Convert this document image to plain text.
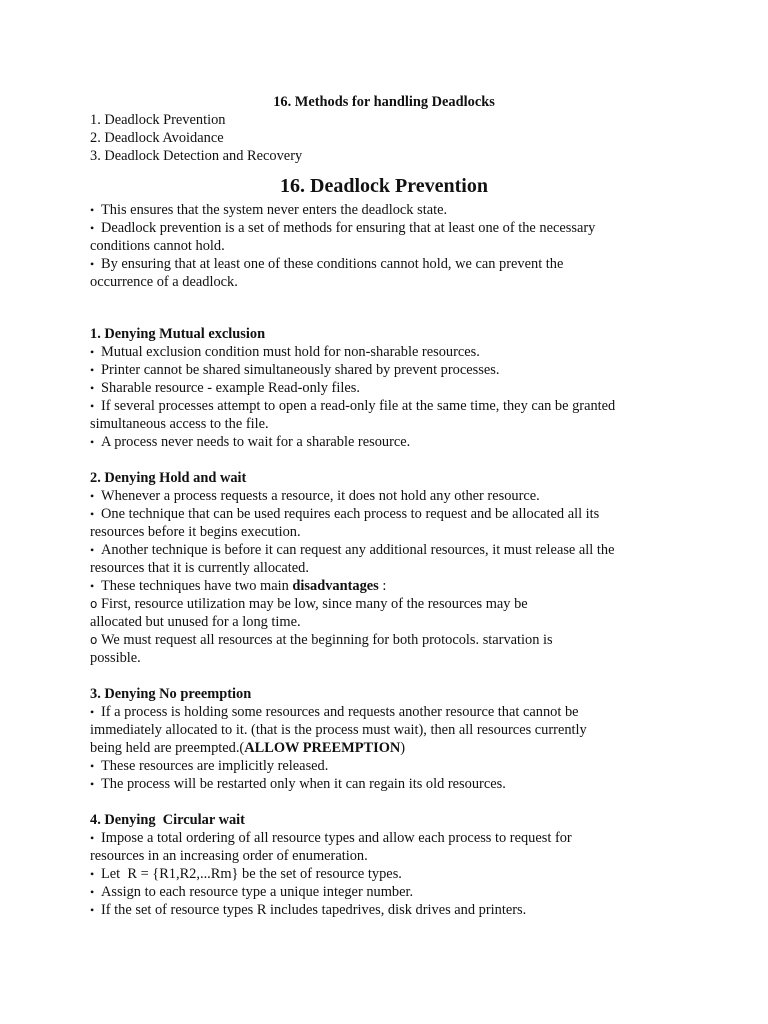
16. Methods for handling Deadlocks

1. Deadlock Prevention

2. Deadlock Avoidance

3. Deadlock Detection and Recovery

16. Deadlock Prevention

• This ensures that the system never enters the deadlock state.

• Deadlock prevention is a set of methods for ensuring that at least one of the necessary

conditions cannot hold.

• By ensuring that at least one of these conditions cannot hold, we can prevent the

occurrence of a deadlock.

1. Denying Mutual exclusion

• Mutual exclusion condition must hold for non-sharable resources.

• Printer cannot be shared simultaneously shared by prevent processes.

• Sharable resource - example Read-only files.

• If several processes attempt to open a read-only file at the same time, they can be granted

simultaneous access to the file.

• A process never needs to wait for a sharable resource.

2. Denying Hold and wait

• Whenever a process requests a resource, it does not hold any other resource.

• One technique that can be used requires each process to request and be allocated all its

resources before it begins execution.

• Another technique is before it can request any additional resources, it must release all the

resources that it is currently allocated.

• These techniques have two main disadvantages :

o First, resource utilization may be low, since many of the resources may be

allocated but unused for a long time.

o We must request all resources at the beginning for both protocols. starvation is

possible.

3. Denying No preemption

• If a process is holding some resources and requests another resource that cannot be

immediately allocated to it. (that is the process must wait), then all resources currently

being held are preempted.(ALLOW PREEMPTION)

• These resources are implicitly released.

• The process will be restarted only when it can regain its old resources.

4. Denying  Circular wait

• Impose a total ordering of all resource types and allow each process to request for

resources in an increasing order of enumeration.

• Let  R = {R1,R2,...Rm} be the set of resource types.

• Assign to each resource type a unique integer number.

• If the set of resource types R includes tapedrives, disk drives and printers.
